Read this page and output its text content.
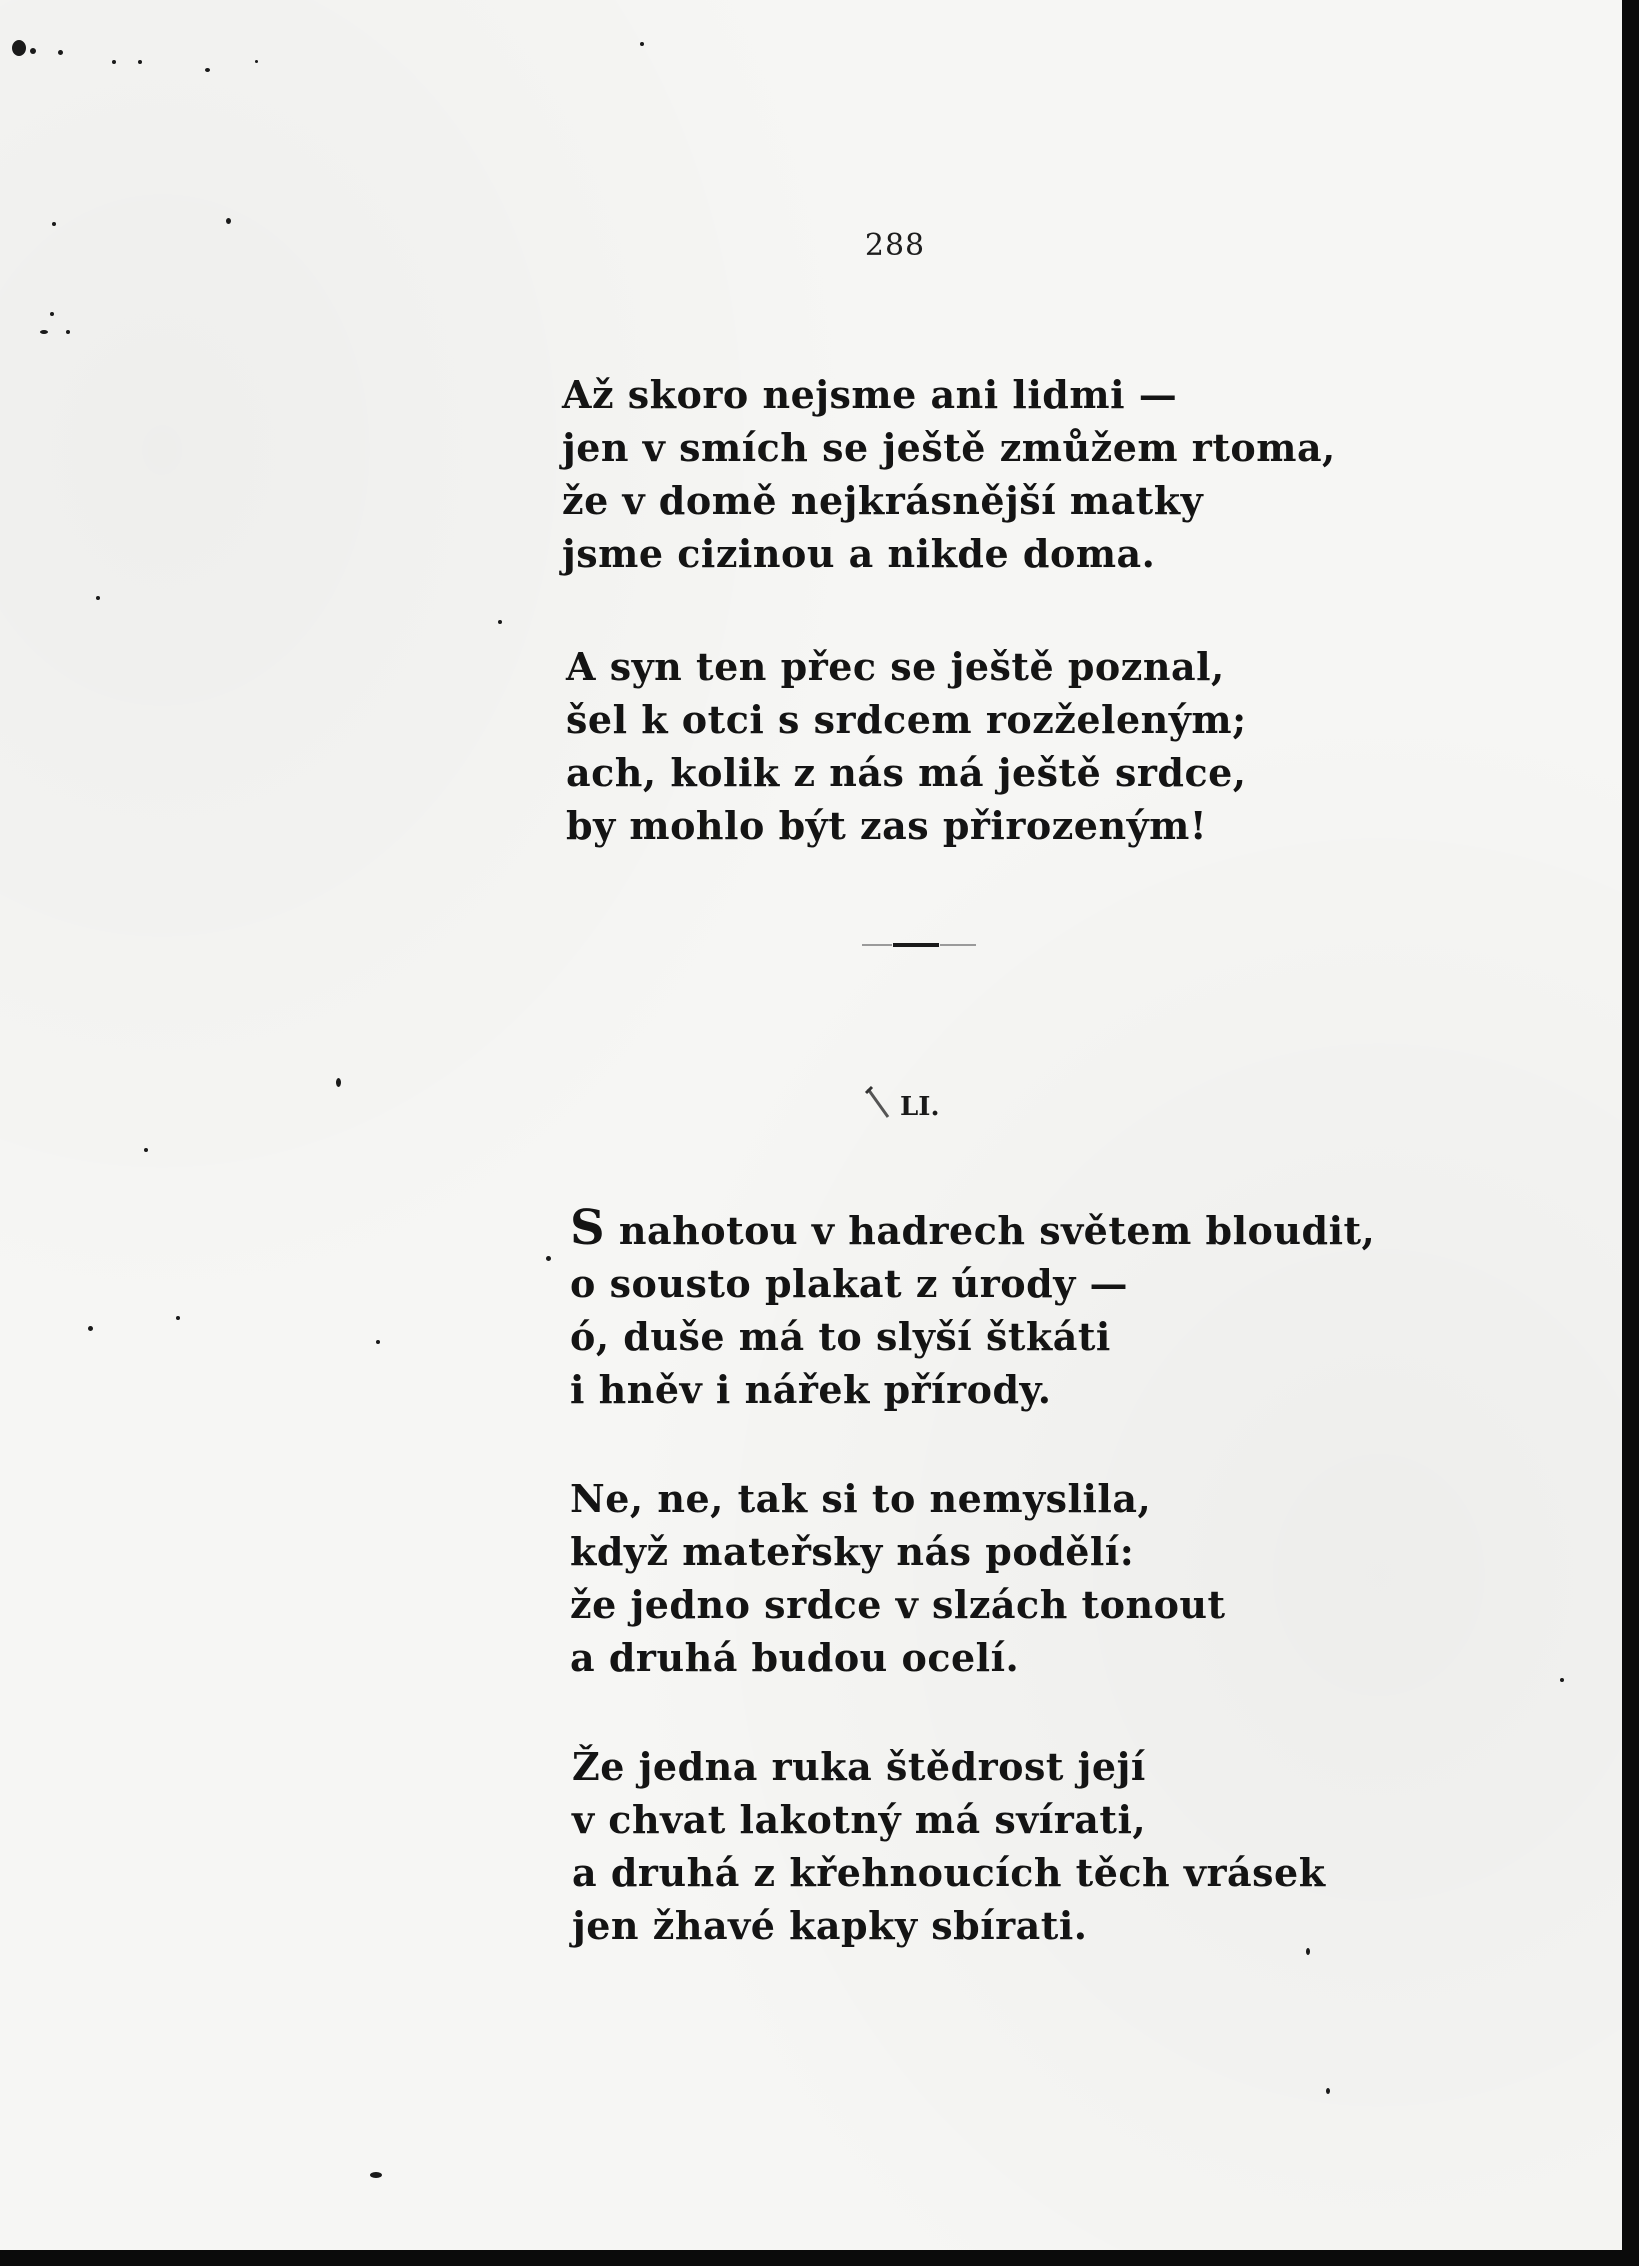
288
Až skoro nejsme ani lidmi —
jen v smích se ještě zmůžem rtoma,
že v domě nejkrásnější matky
jsme cizinou a nikde doma.
A syn ten přec se ještě poznal,
šel k otci s srdcem rozželeným;
ach, kolik z nás má ještě srdce,
by mohlo být zas přirozeným!
LI.
S nahotou v hadrech světem bloudit,
o sousto plakat z úrody —
ó, duše má to slyší štkáti
i hněv i nářek přírody.
Ne, ne, tak si to nemyslila,
když mateřsky nás podělí:
že jedno srdce v slzách tonout
a druhá budou ocelí.
Že jedna ruka štědrost její
v chvat lakotný má svírati,
a druhá z křehnoucích těch vrásek
jen žhavé kapky sbírati.
